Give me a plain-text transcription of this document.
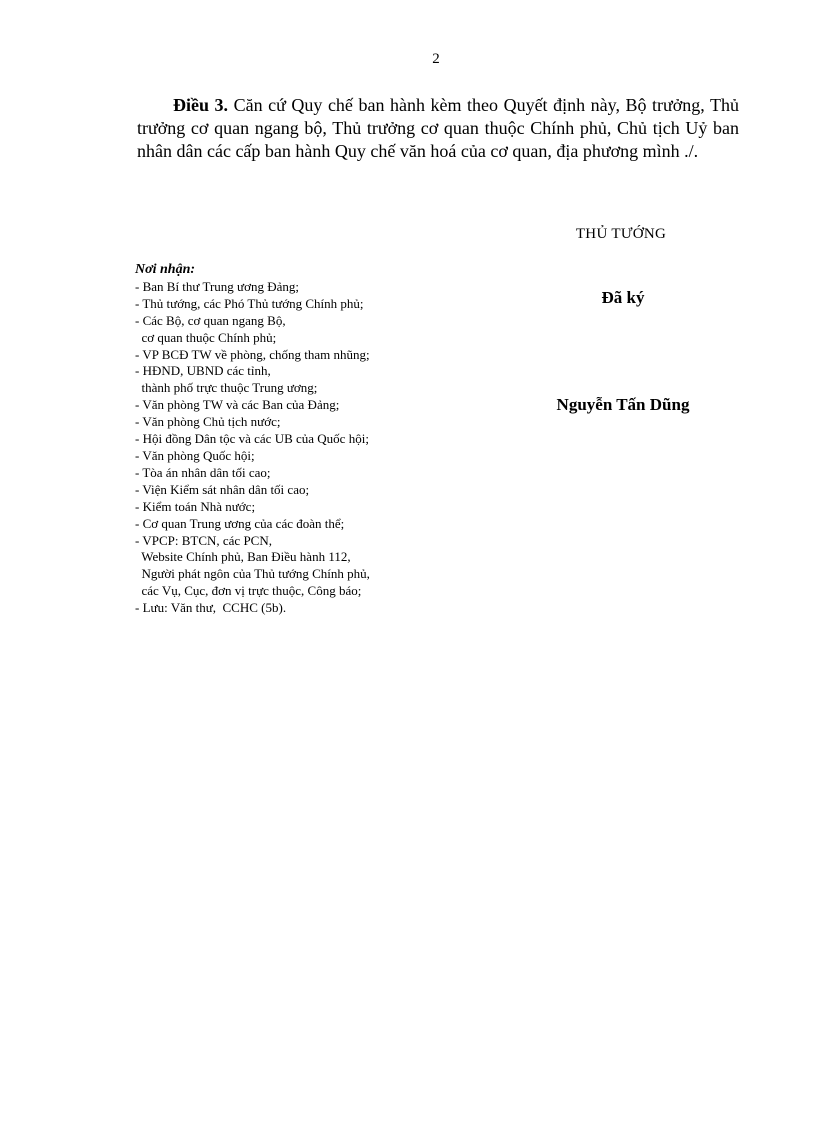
2

Điều 3. Căn cứ Quy chế ban hành kèm theo Quyết định này, Bộ trưởng, Thủ trưởng cơ quan ngang bộ, Thủ trưởng cơ quan thuộc Chính phủ, Chủ tịch Uỷ ban nhân dân các cấp ban hành Quy chế văn hoá của cơ quan, địa phương mình ./.

THỦ TƯỚNG
Đã ký
Nguyễn Tấn Dũng
Nơi nhận:
- Ban Bí thư Trung ương Đảng;
- Thủ tướng, các Phó Thủ tướng Chính phủ;
- Các Bộ, cơ quan ngang Bộ,
cơ quan thuộc Chính phủ;
- VP BCĐ TW về phòng, chống tham nhũng;
- HĐND, UBND các tỉnh,
thành phố trực thuộc Trung ương;
- Văn phòng TW và các Ban của Đảng;
- Văn phòng Chủ tịch nước;
- Hội đồng Dân tộc và các UB của Quốc hội;
- Văn phòng Quốc hội;
- Tòa án nhân dân tối cao;
- Viện Kiểm sát nhân dân tối cao;
- Kiểm toán Nhà nước;
- Cơ quan Trung ương của các đoàn thể;
- VPCP: BTCN, các PCN,
Website Chính phủ, Ban Điều hành 112,
Người phát ngôn của Thủ tướng Chính phủ,
các Vụ, Cục, đơn vị trực thuộc, Công báo;
- Lưu: Văn thư,  CCHC (5b).
